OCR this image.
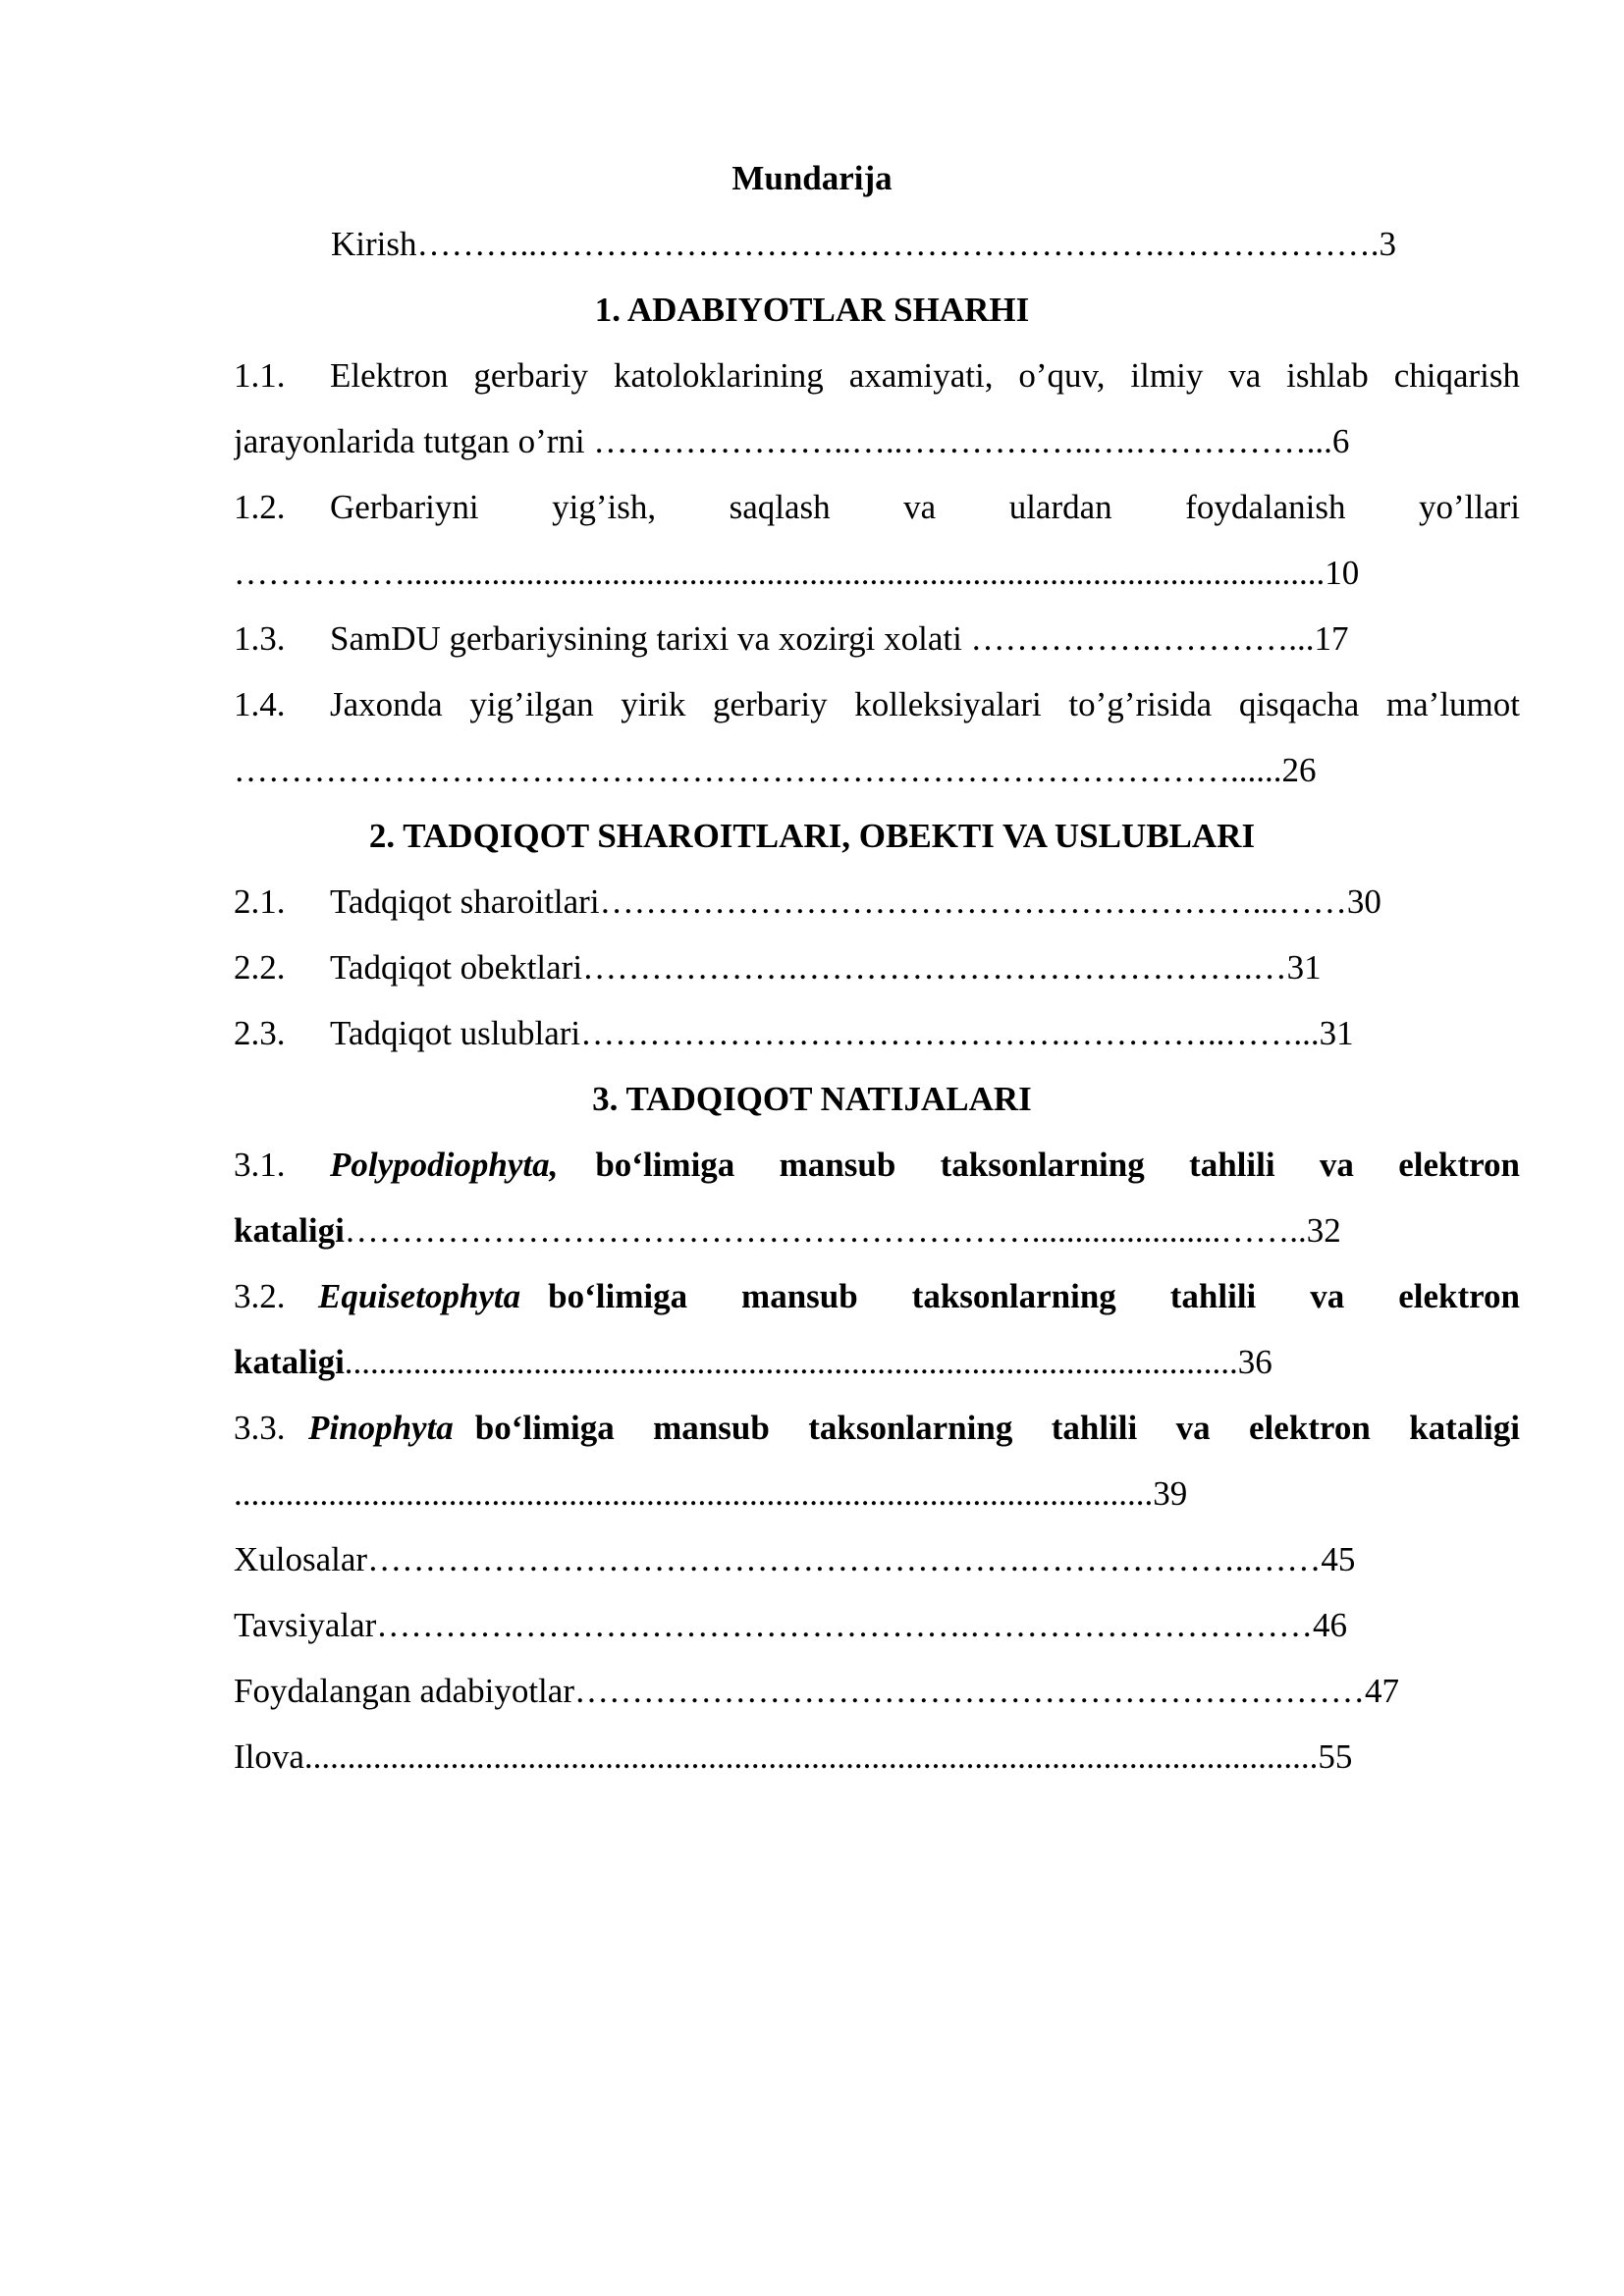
Mundarija
Kirish………..……………………………………………….……………….3
1. ADABIYOTLAR SHARHI
1.1. Elektron gerbariy katoloklarining axamiyati, o’quv, ilmiy va ishlab chiqarish
jarayonlarida tutgan o’rni …………………..…..……………..….……………...6
1.2.	Gerbariyni yig’ish, saqlash va ulardan foydalanish yo’llari
……………...........................................................................................................10
1.3. SamDU gerbariysining tarixi va xozirgi xolati …………….…………...17
1.4. Jaxonda yig’ilgan yirik gerbariy kolleksiyalari to’g’risida qisqacha ma’lumot
……………………………………………………………………………......26
2. TADQIQOT SHAROITLARI, OBEKTI VA USLUBLARI
2.1. Tadqiqot sharoitlari…………………………………………………...……30
2.2. Tadqiqot obektlari……………….………………………………….…31
2.3. Tadqiqot uslublari…………………………………….…………..……...31
3. TADQIQOT NATIJALARI
3.1.	Polypodiophyta, bo‘limiga mansub taksonlarning tahlili va elektron
kataligi……………………………………………………......................……..32
3.2. Equisetophyta bo‘limiga mansub taksonlarning tahlili va elektron
kataligi........................................................................................................36
3.3. Pinophyta bo‘limiga mansub taksonlarning tahlili va elektron kataligi
...........................................................................................................39
Xulosalar………………………………………………….………………..……45
Tavsiyalar…………………………………………….…………………………46
Foydalangan adabiyotlar……………………………………………………………47
Ilova......................................................................................................................55
